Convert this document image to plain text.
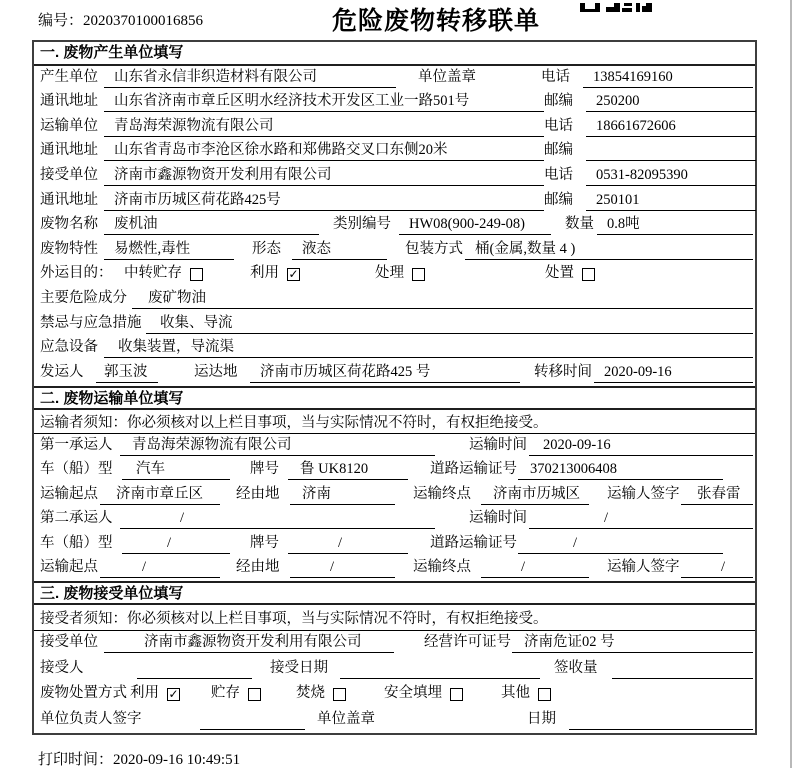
编号：2020370100016856	危险废物转移联单
一. 废物产生单位填写
产生单位	山东省永信非织造材料有限公司	单位盖章	电话	13854169160
通讯地址	山东省济南市章丘区明水经济技术开发区工业一路501号	邮编	250200
运输单位	青岛海荣源物流有限公司	电话	18661672606
通讯地址	山东省青岛市李沧区徐水路和郑佛路交叉口东侧20米	邮编
接受单位	济南市鑫源物资开发利用有限公司	电话	0531-82095390
通讯地址	济南市历城区荷花路425号	邮编	250101
废物名称	废机油	类别编号	HW08(900-249-08)	数量 0.8吨
废物特性	易燃性,毒性	形态	液态	包装方式 桶(金属,数量 4 )
外运目的： 中转贮存	利用 ✓	处理	处置
主要危险成分	废矿物油
禁忌与应急措施	收集、导流
应急设备	收集装置，导流渠
发运人	郭玉波	运达地	济南市历城区荷花路425 号	转移时间 2020-09-16
二. 废物运输单位填写
运输者须知：你必须核对以上栏目事项，当与实际情况不符时，有权拒绝接受。
第一承运人	青岛海荣源物流有限公司	运输时间	2020-09-16
车（船）型	汽车	牌号	鲁 UK8120	道路运输证号 370213006408
运输起点	济南市章丘区	经由地	济南	运输终点	济南市历城区	运输人签字	张春雷
第二承运人	/	运输时间	/
车（船）型	/	牌号	/	道路运输证号	/
运输起点	/	经由地	/	运输终点	/	运输人签字	/
三. 废物接受单位填写
接受者须知：你必须核对以上栏目事项，当与实际情况不符时，有权拒绝接受。
接受单位	济南市鑫源物资开发利用有限公司	经营许可证号 济南危证02 号
接受人	接受日期	签收量
废物处置方式 利用 ✓ 贮存	焚烧	安全填埋	其他
单位负责人签字	单位盖章	日期
打印时间：2020-09-16 10:49:51
